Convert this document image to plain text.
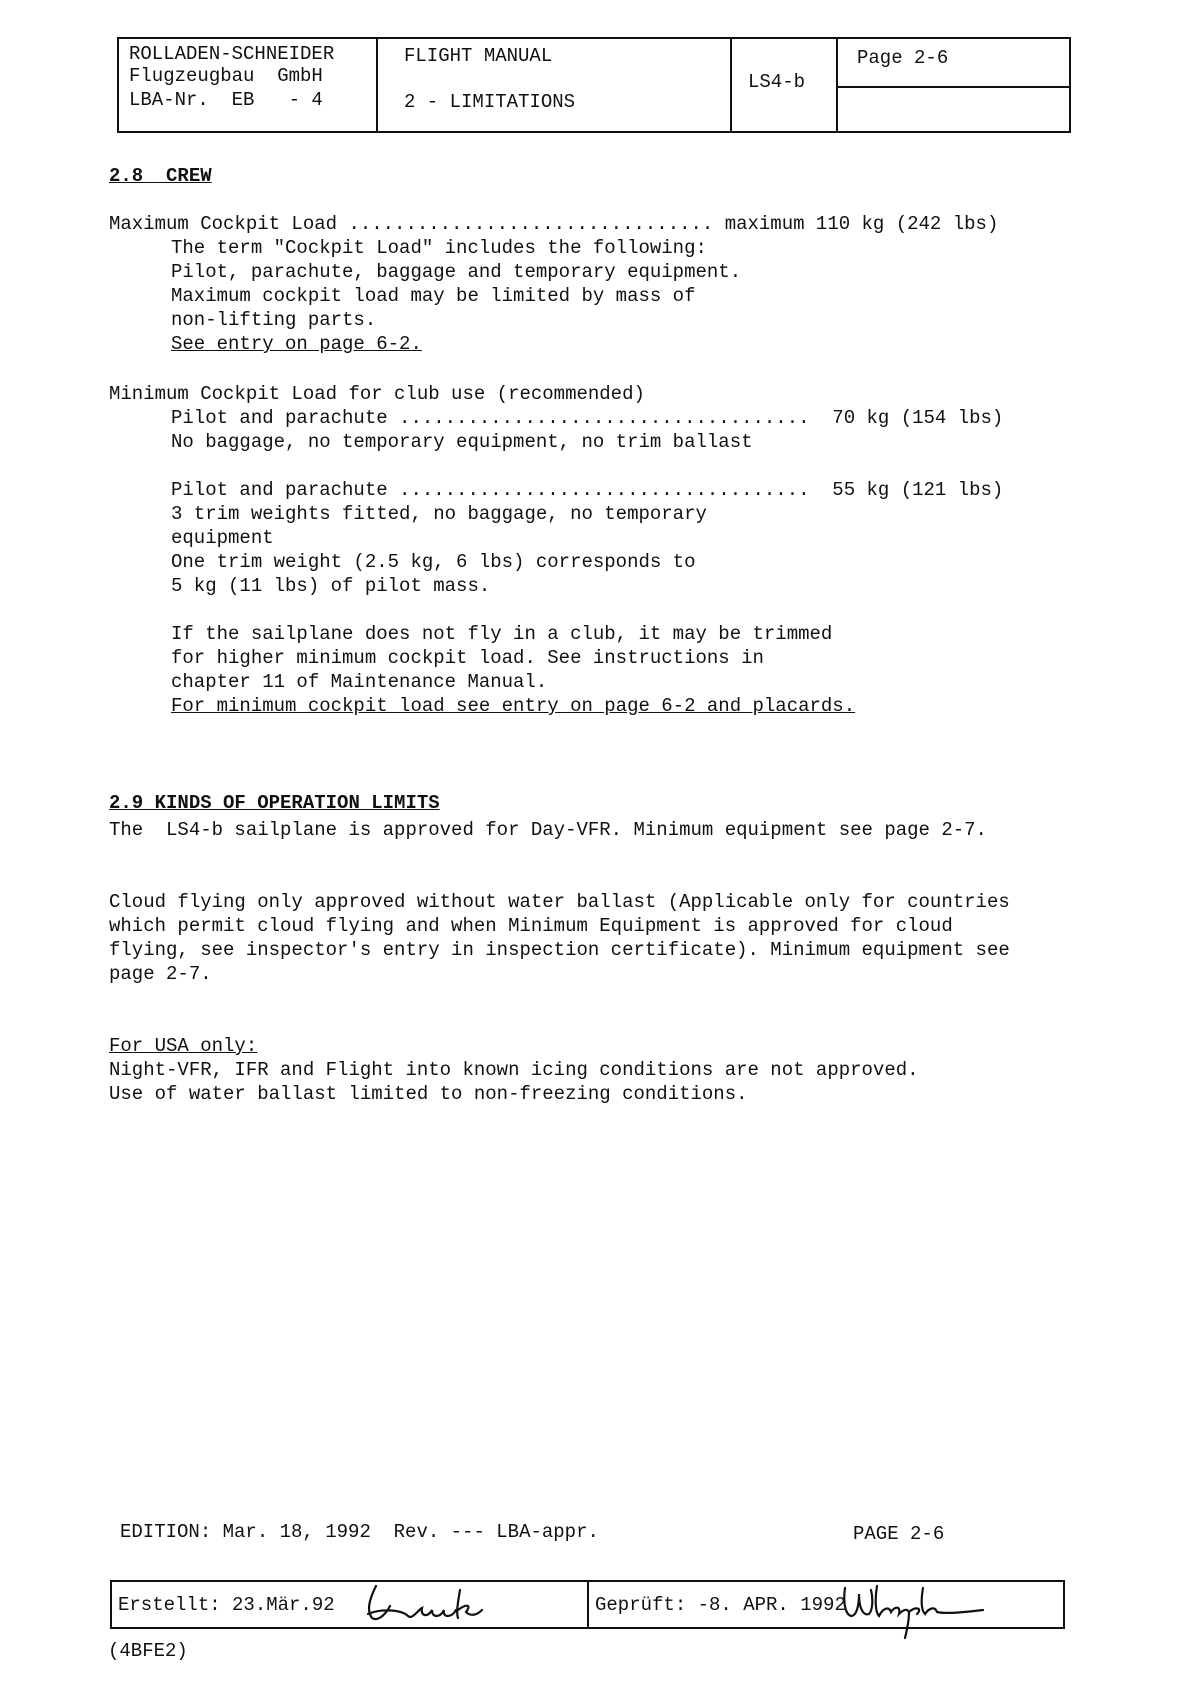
ROLLADEN-SCHNEIDER
Flugzeugbau  GmbH
LBA-Nr.  EB   - 4
FLIGHT MANUAL
2 - LIMITATIONS
LS4-b
Page 2-6
2.8  CREW
Maximum Cockpit Load ................................ maximum 110 kg (242 lbs)
The term "Cockpit Load" includes the following:
Pilot, parachute, baggage and temporary equipment.
Maximum cockpit load may be limited by mass of
non-lifting parts.
See entry on page 6-2.
Minimum Cockpit Load for club use (recommended)
Pilot and parachute ....................................  70 kg (154 lbs)
No baggage, no temporary equipment, no trim ballast
Pilot and parachute ....................................  55 kg (121 lbs)
3 trim weights fitted, no baggage, no temporary
equipment
One trim weight (2.5 kg, 6 lbs) corresponds to
5 kg (11 lbs) of pilot mass.
If the sailplane does not fly in a club, it may be trimmed
for higher minimum cockpit load. See instructions in
chapter 11 of Maintenance Manual.
For minimum cockpit load see entry on page 6-2 and placards.
2.9 KINDS OF OPERATION LIMITS
The  LS4-b sailplane is approved for Day-VFR. Minimum equipment see page 2-7.
Cloud flying only approved without water ballast (Applicable only for countries
which permit cloud flying and when Minimum Equipment is approved for cloud
flying, see inspector's entry in inspection certificate). Minimum equipment see
page 2-7.
For USA only:
Night-VFR, IFR and Flight into known icing conditions are not approved.
Use of water ballast limited to non-freezing conditions.
EDITION: Mar. 18, 1992  Rev. --- LBA-appr.	PAGE 2-6
Erstellt: 23.Mär.92	Geprüft: -8. APR. 1992
(4BFE2)
